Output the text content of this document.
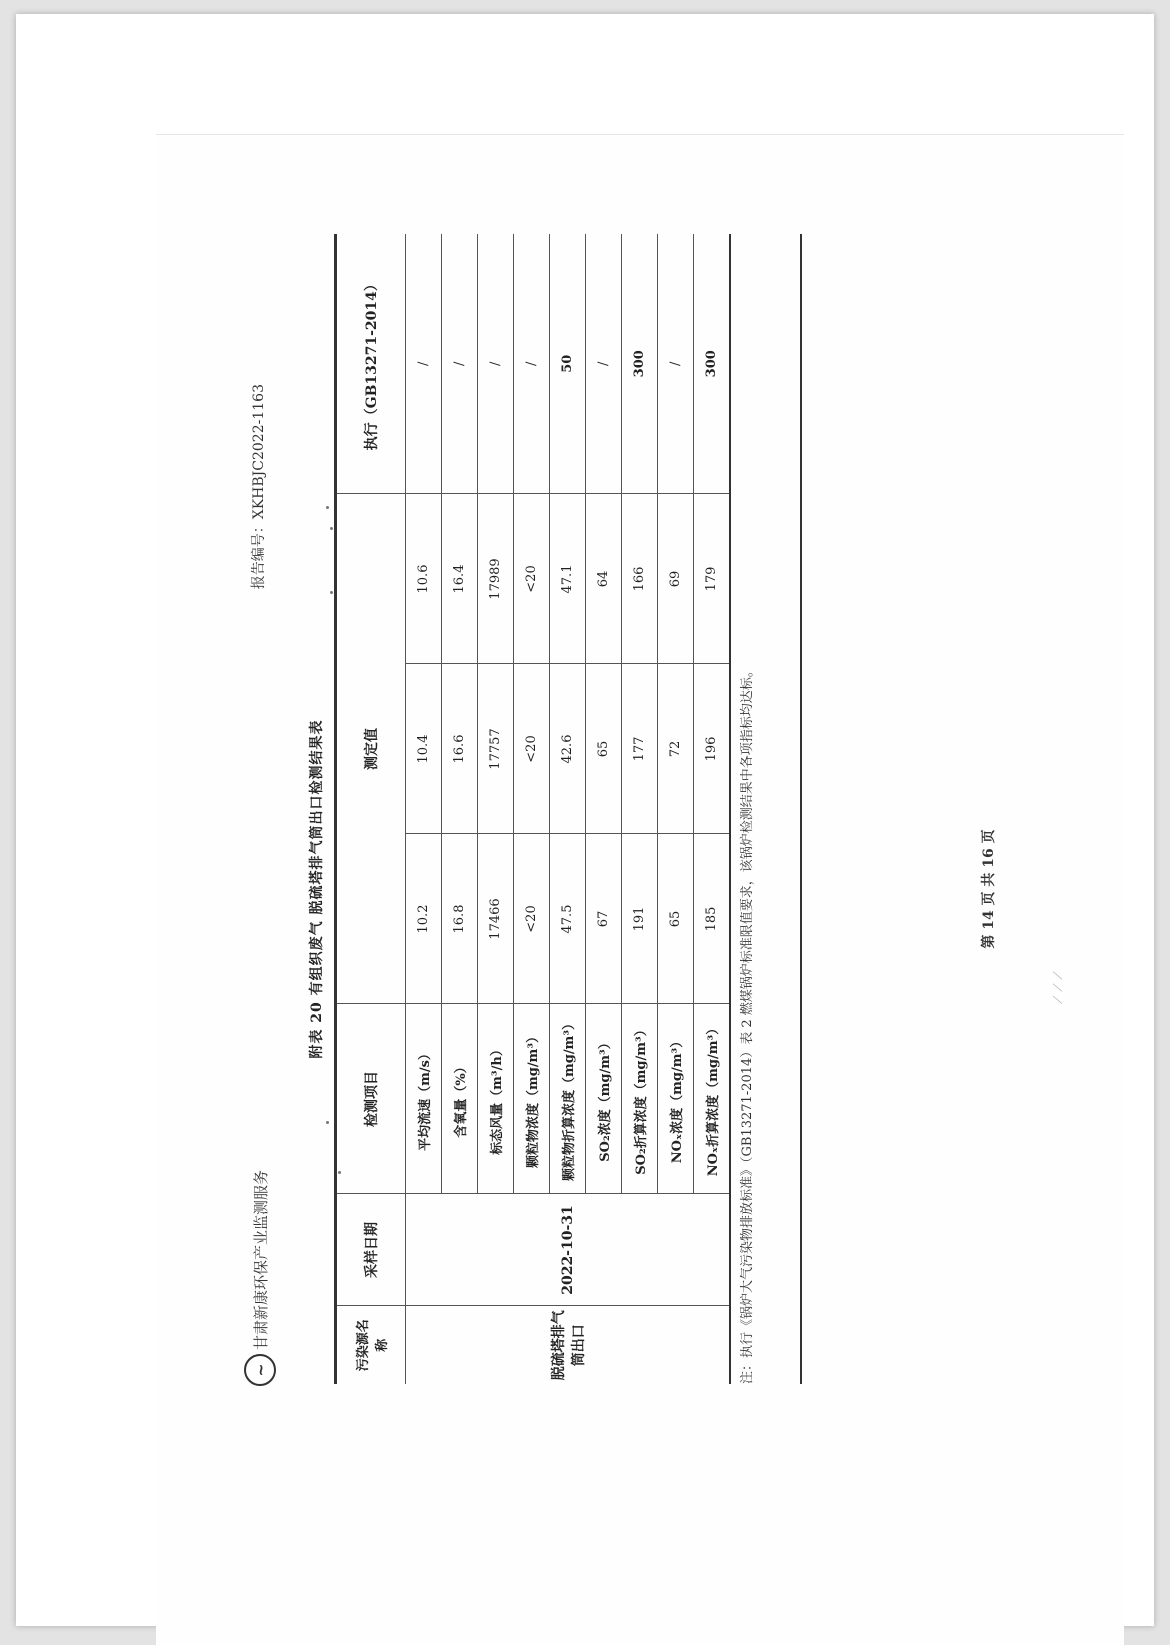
~
甘肃新康环保产业监测服务
报告编号：XKHBJC2022-1163
附表 20 有组织废气 脱硫塔排气筒出口检测结果表
污染源名称	采样日期	检测项目	测定值			执行（GB13271-2014）
脱硫塔排气筒出口	2022-10-31	平均流速（m/s）	10.2	10.4	10.6	/
		含氧量（%）	16.8	16.6	16.4	/
		标态风量（m³/h）	17466	17757	17989	/
		颗粒物浓度（mg/m³）	<20	<20	<20	/
		颗粒物折算浓度（mg/m³）	47.5	42.6	47.1	50
		SO₂浓度（mg/m³）	67	65	64	/
		SO₂折算浓度（mg/m³）	191	177	166	300
		NOₓ浓度（mg/m³）	65	72	69	/
		NOₓ折算浓度（mg/m³）	185	196	179	300
注：执行《锅炉大气污染物排放标准》（GB13271-2014）表 2 燃煤锅炉标准限值要求，该锅炉检测结果中各项指标均达标。	第 14 页 共 16 页
⟋ ⟋ ⟋
